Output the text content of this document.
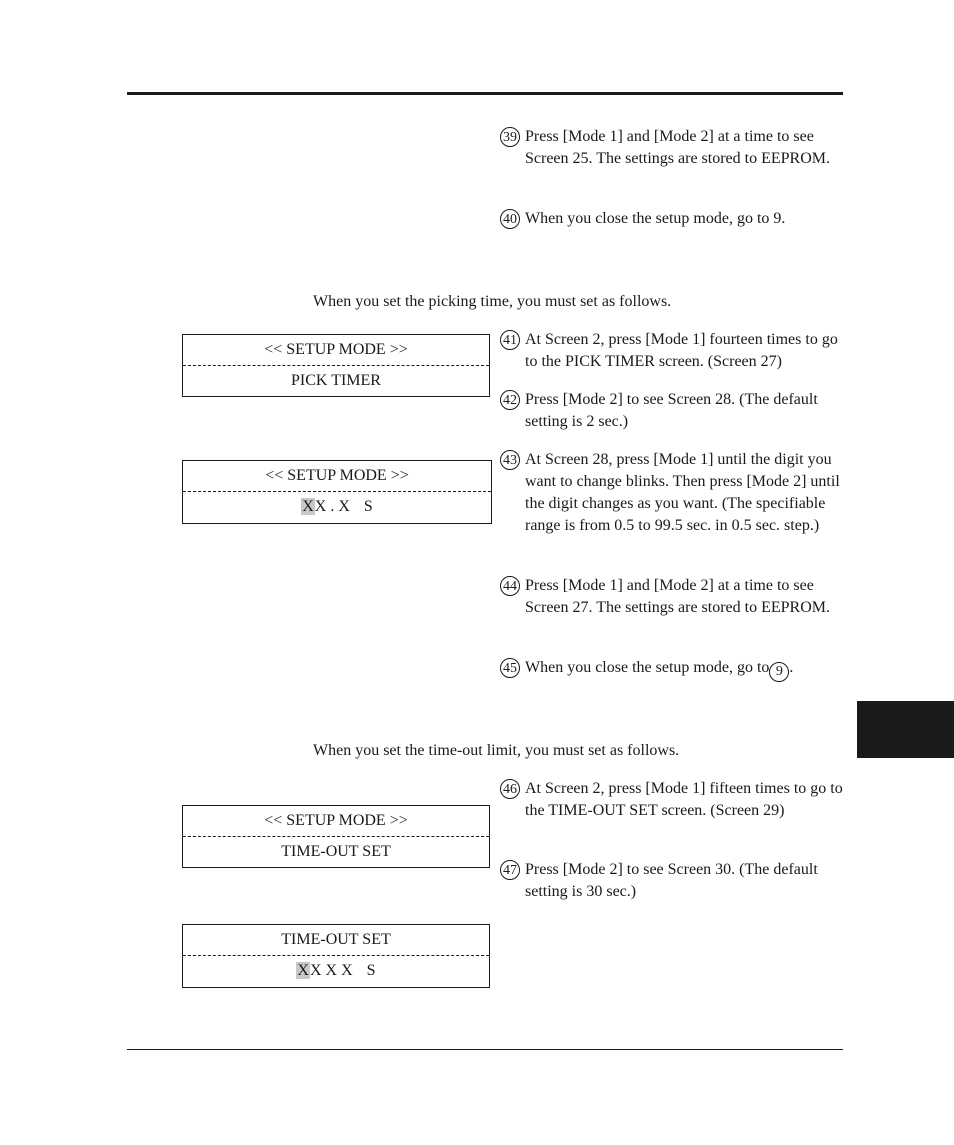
39 Press [Mode 1] and [Mode 2] at a time to see Screen 25. The settings are stored to EEPROM.
40 When you close the setup mode, go to 9.
When you set the picking time, you must set as follows.
<< SETUP MODE >>
PICK TIMER
41 At Screen 2, press [Mode 1] fourteen times to go to the PICK TIMER screen. (Screen 27)
42 Press [Mode 2] to see Screen 28. (The default setting is 2 sec.)
<< SETUP MODE >>
XX . X S
43 At Screen 28, press [Mode 1] until the digit you want to change blinks. Then press [Mode 2] until the digit changes as you want. (The specifiable range is from 0.5 to 99.5 sec. in 0.5 sec. step.)
44 Press [Mode 1] and [Mode 2] at a time to see Screen 27. The settings are stored to EEPROM.
45 When you close the setup mode, go to 9 .
When you set the time-out limit, you must set as follows.
46 At Screen 2, press [Mode 1] fifteen times to go to the TIME-OUT SET screen. (Screen 29)
<< SETUP MODE >>
TIME-OUT SET
47 Press [Mode 2] to see Screen 30. (The default setting is 30 sec.)
TIME-OUT SET
XX X X S
